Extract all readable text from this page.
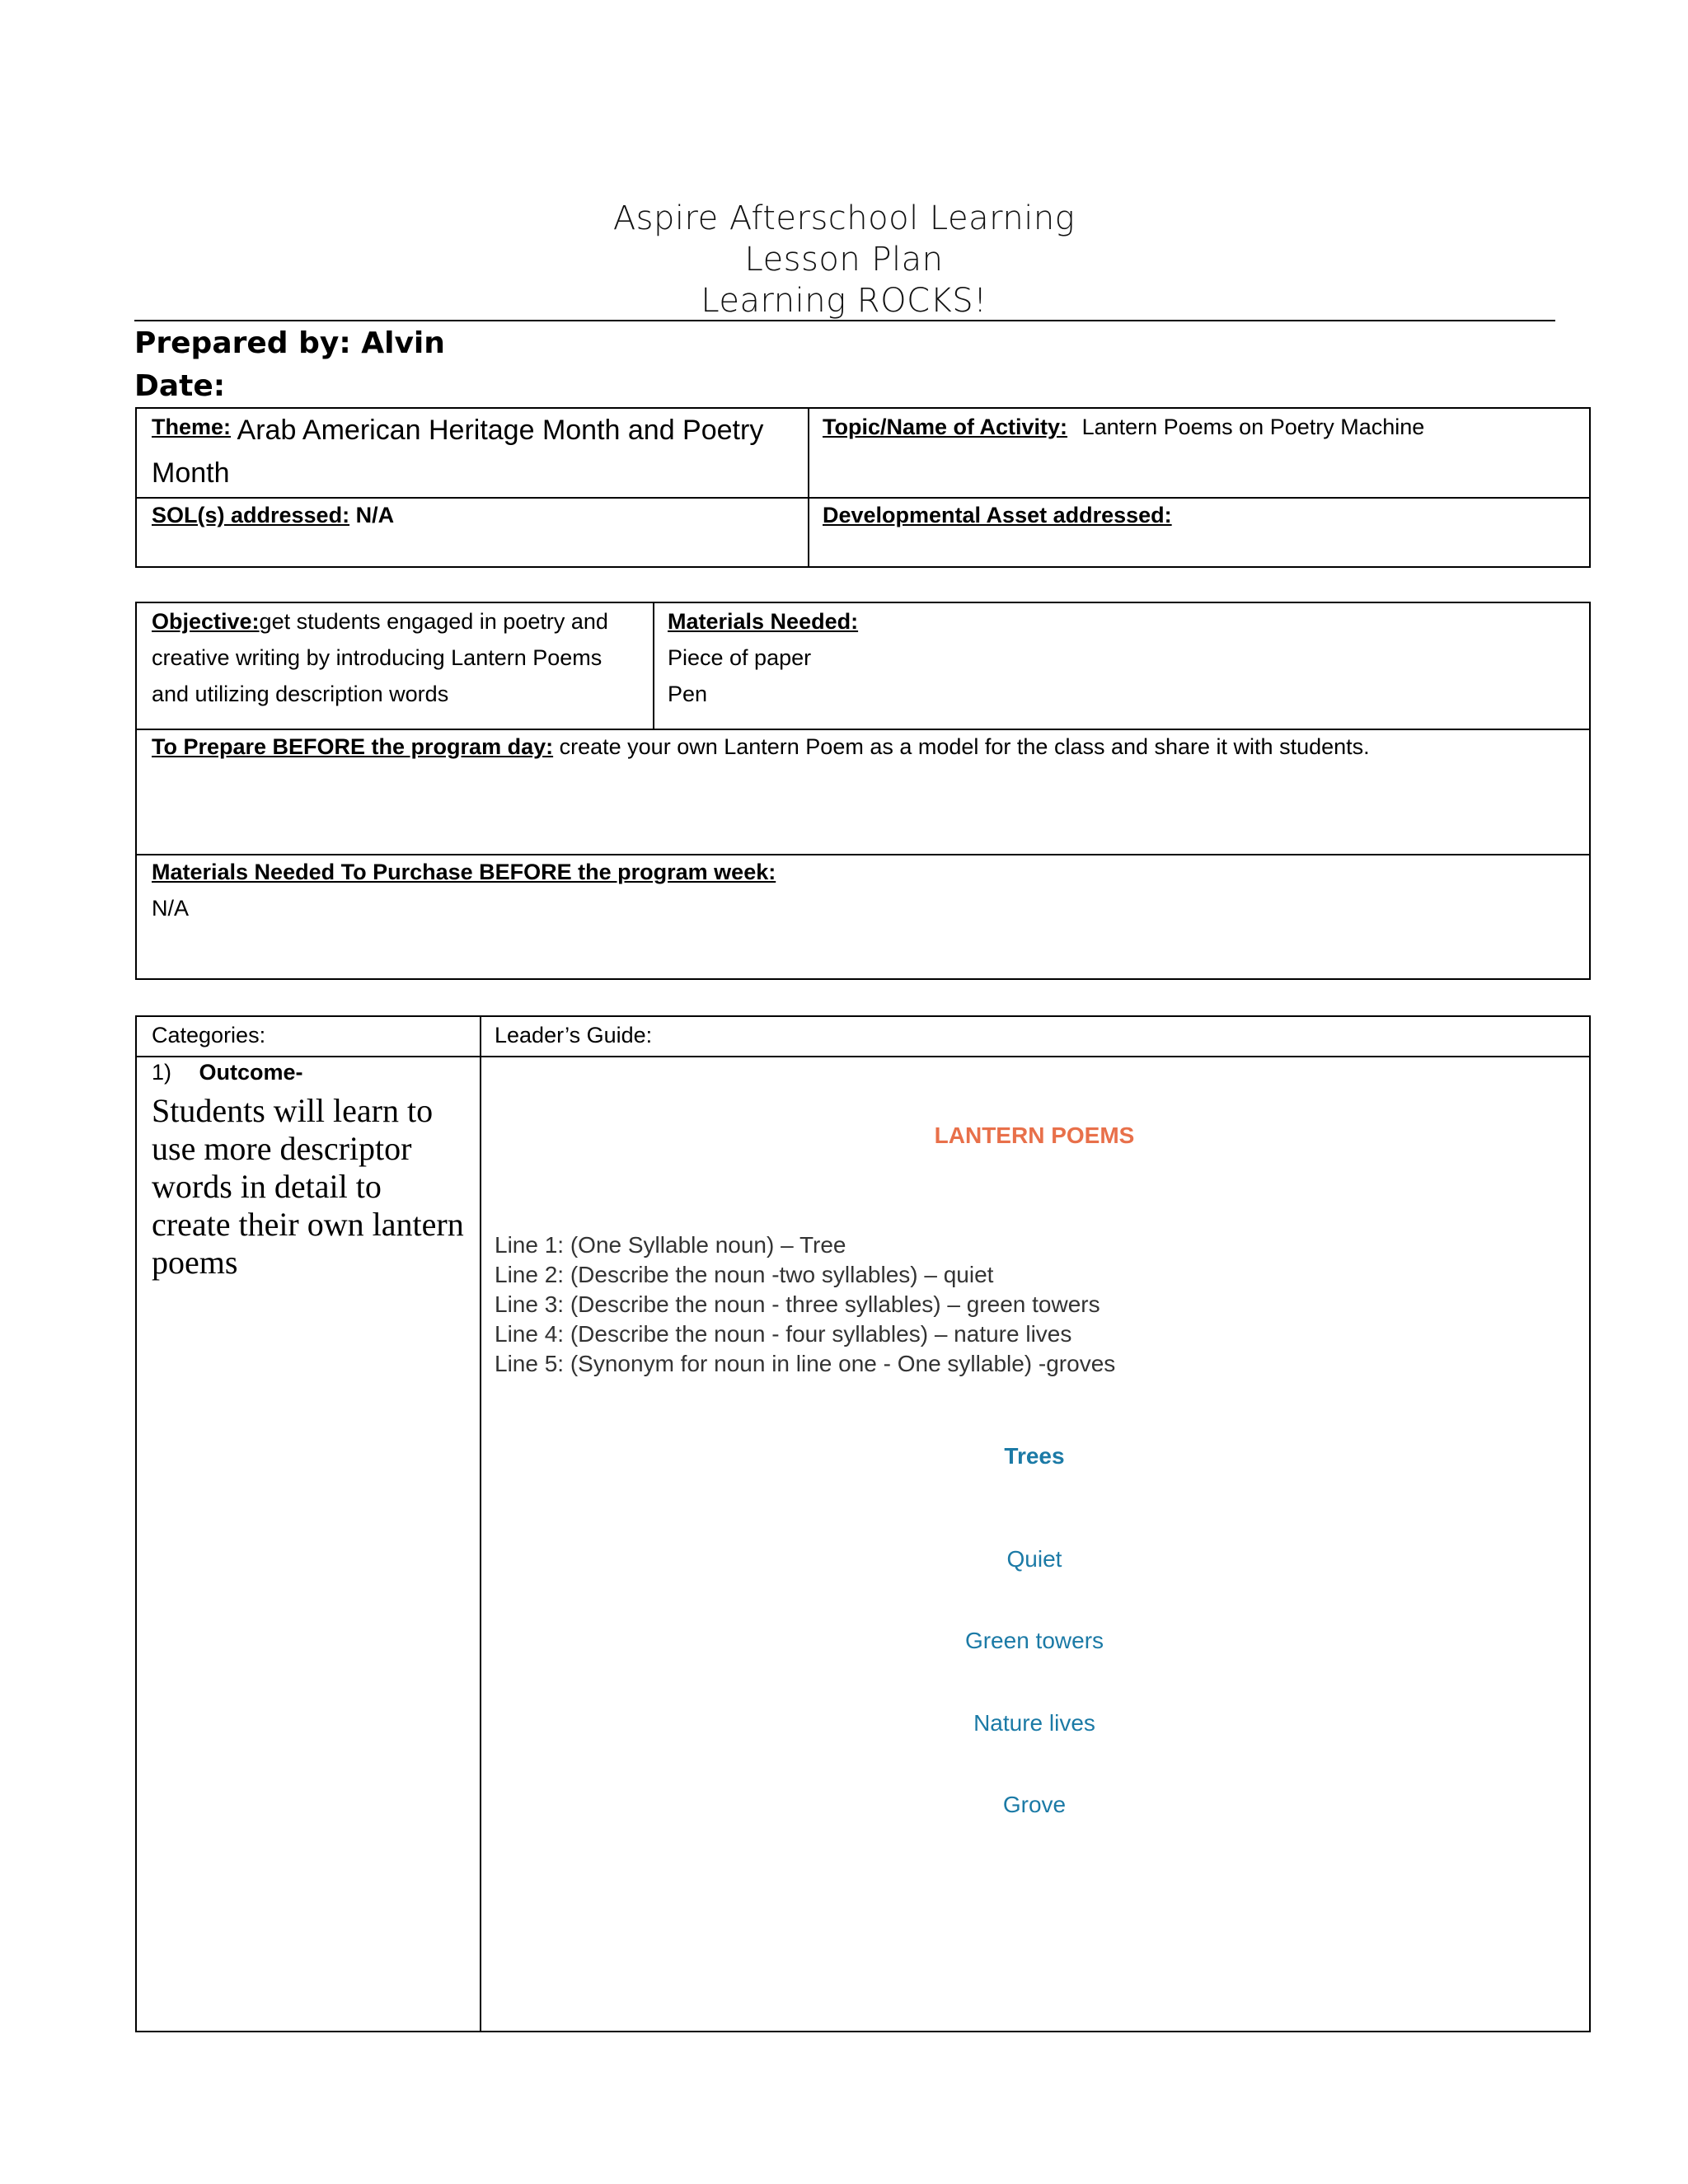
Aspire Afterschool Learning
Lesson Plan
Learning ROCKS!
Prepared by: Alvin
Date:
Theme: Arab American Heritage Month and Poetry Month
Topic/Name of Activity: Lantern Poems on Poetry Machine
SOL(s) addressed: N/A	Developmental Asset addressed:
Objective:get students engaged in poetry and creative writing by introducing Lantern Poems and utilizing description words
Materials Needed:
Piece of paper
Pen
To Prepare BEFORE the program day: create your own Lantern Poem as a model for the class and share it with students.
Materials Needed To Purchase BEFORE the program week:
N/A
Categories:	Leader’s Guide:
1) Outcome-
Students will learn to use more descriptor words in detail to create their own lantern poems
LANTERN POEMS
Line 1: (One Syllable noun) – Tree
Line 2: (Describe the noun -two syllables) – quiet
Line 3: (Describe the noun - three syllables) – green towers
Line 4: (Describe the noun - four syllables) – nature lives
Line 5: (Synonym for noun in line one - One syllable) -groves
Trees
Quiet
Green towers
Nature lives
Grove
